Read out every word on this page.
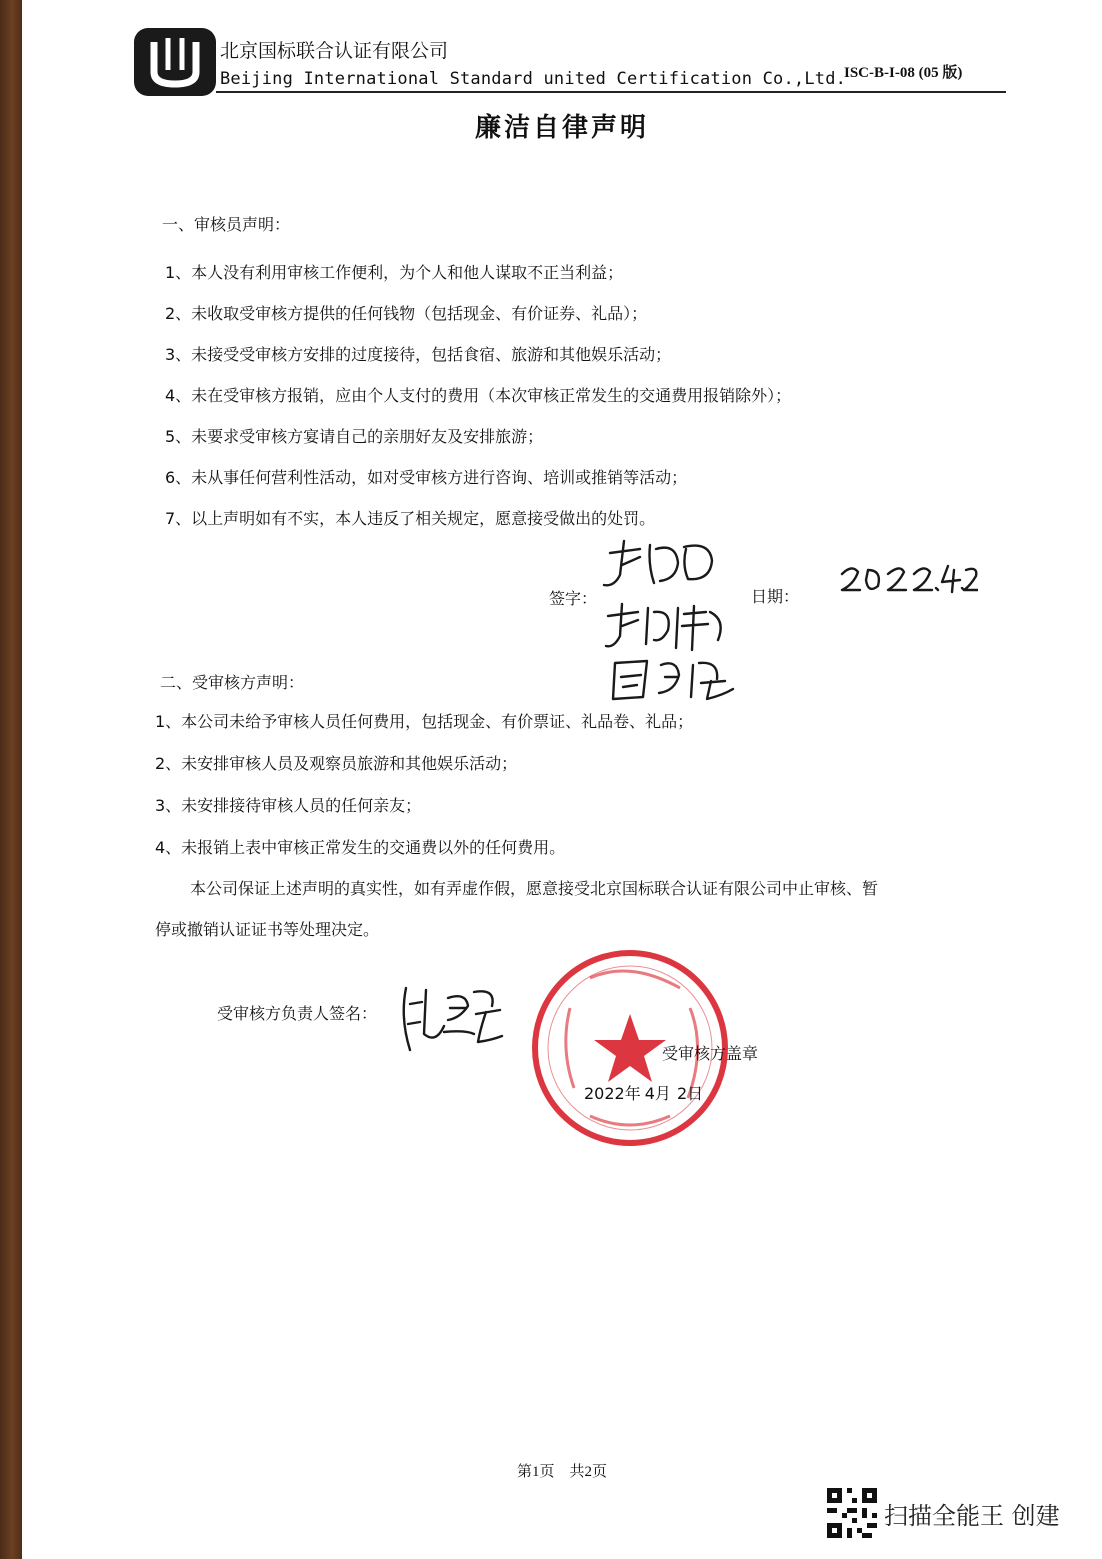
北京国标联合认证有限公司
Beijing International Standard united Certification Co.,Ltd.
ISC-B-I-08 (05 版)
廉洁自律声明
一、审核员声明：
1、本人没有利用审核工作便利，为个人和他人谋取不正当利益；
2、未收取受审核方提供的任何钱物（包括现金、有价证券、礼品）；
3、未接受受审核方安排的过度接待，包括食宿、旅游和其他娱乐活动；
4、未在受审核方报销，应由个人支付的费用（本次审核正常发生的交通费用报销除外）；
5、未要求受审核方宴请自己的亲朋好友及安排旅游；
6、未从事任何营利性活动，如对受审核方进行咨询、培训或推销等活动；
7、以上声明如有不实，本人违反了相关规定，愿意接受做出的处罚。
签字：	日期：
二、受审核方声明：
1、本公司未给予审核人员任何费用，包括现金、有价票证、礼品卷、礼品；
2、未安排审核人员及观察员旅游和其他娱乐活动；
3、未安排接待审核人员的任何亲友；
4、未报销上表中审核正常发生的交通费以外的任何费用。
本公司保证上述声明的真实性，如有弄虚作假，愿意接受北京国标联合认证有限公司中止审核、暂
停或撤销认证证书等处理决定。
受审核方负责人签名：
受审核方盖章
2022年 4月 2日
第1页　共2页
扫描全能王 创建
